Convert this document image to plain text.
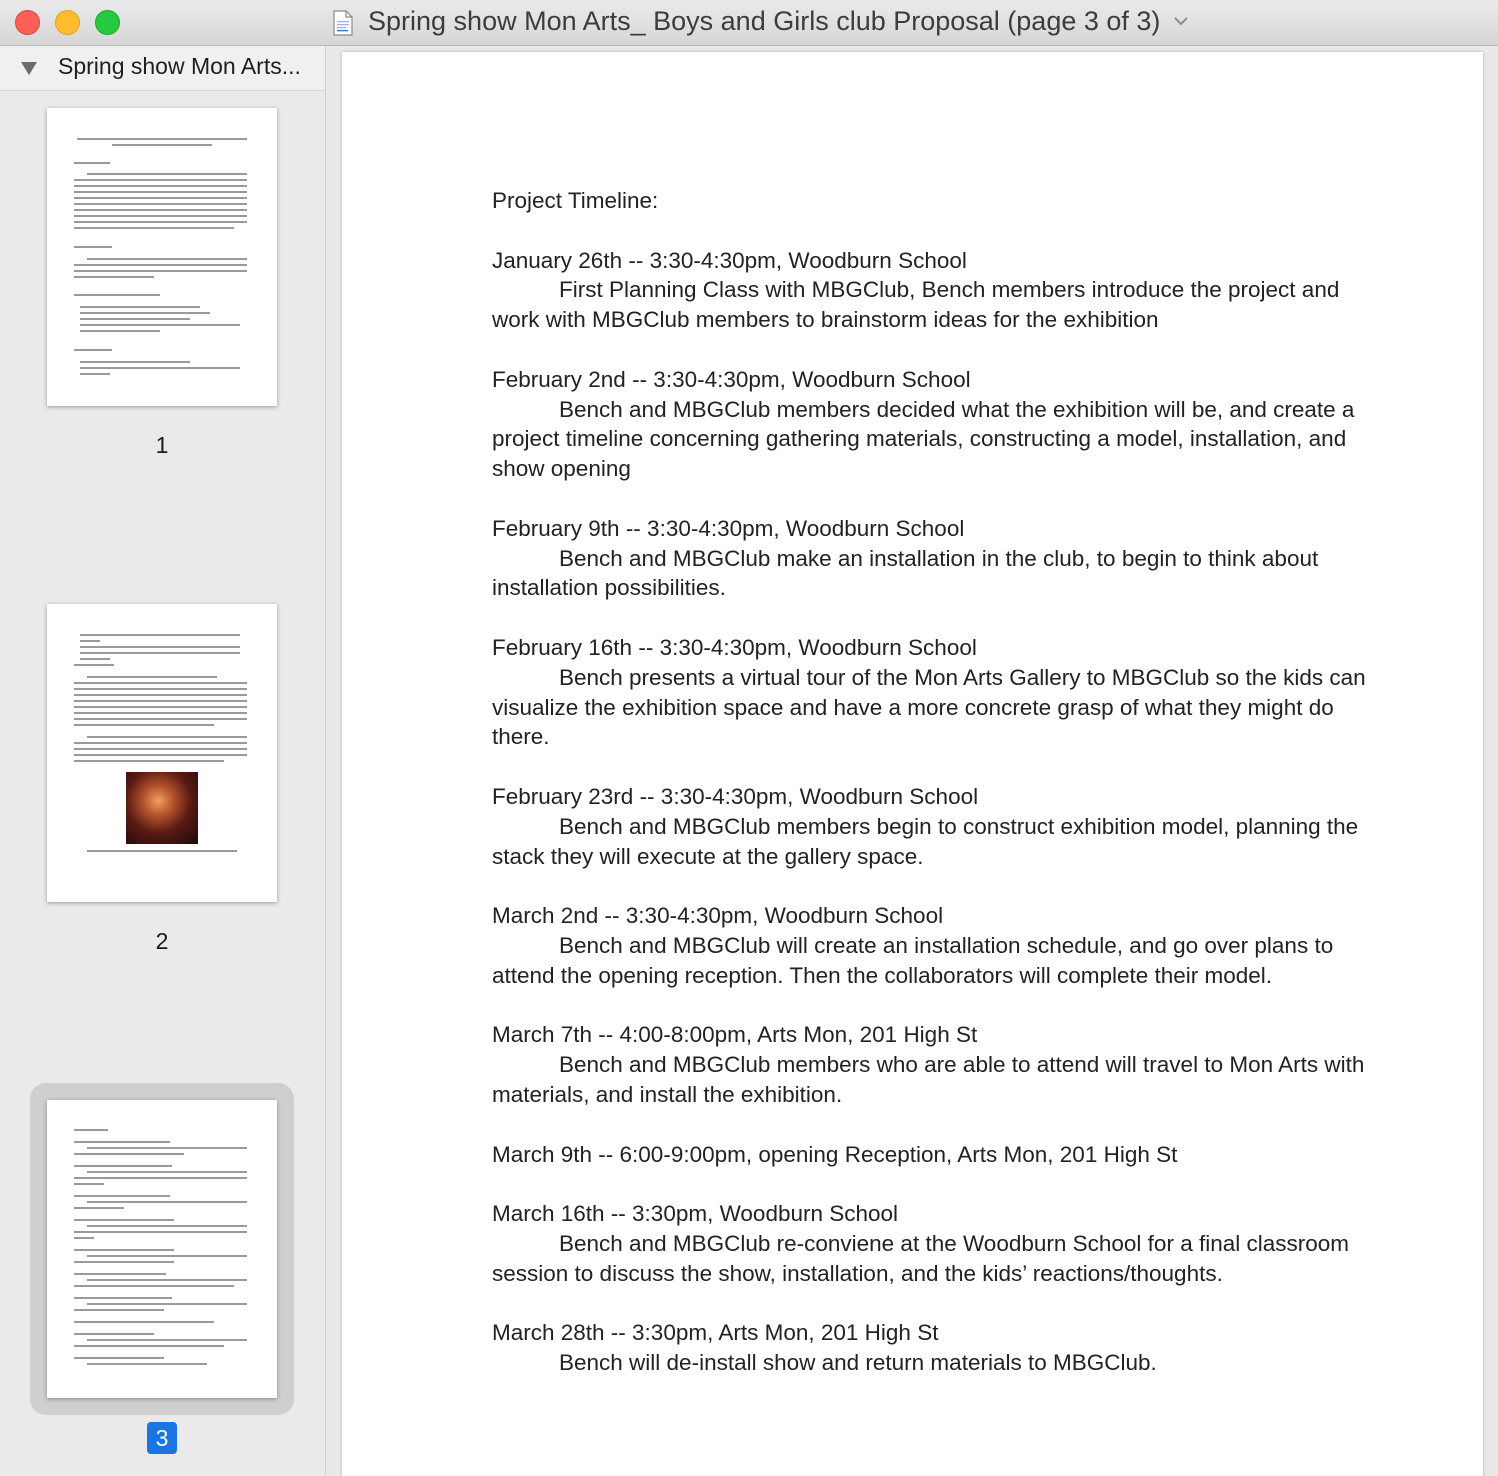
Spring show Mon Arts_ Boys and Girls club Proposal (page 3 of 3)
Spring show Mon Arts...
1
2
3
Project Timeline:
January 26th -- 3:30-4:30pm, Woodburn School
First Planning Class with MBGClub, Bench members introduce the project and work with MBGClub members to brainstorm ideas for the exhibition
February 2nd -- 3:30-4:30pm, Woodburn School
Bench and MBGClub members decided what the exhibition will be, and create a project timeline concerning gathering materials, constructing a model, installation, and show opening
February 9th -- 3:30-4:30pm, Woodburn School
Bench and MBGClub make an installation in the club, to begin to think about installation possibilities.
February 16th -- 3:30-4:30pm, Woodburn School
Bench presents a virtual tour of the Mon Arts Gallery to MBGClub so the kids can visualize the exhibition space and have a more concrete grasp of what they might do there.
February 23rd -- 3:30-4:30pm, Woodburn School
Bench and MBGClub members begin to construct exhibition model, planning the stack they will execute at the gallery space.
March 2nd -- 3:30-4:30pm, Woodburn School
Bench and MBGClub will create an installation schedule, and go over plans to attend the opening reception. Then the collaborators will complete their model.
March 7th -- 4:00-8:00pm, Arts Mon, 201 High St
Bench and MBGClub members who are able to attend will travel to Mon Arts with materials, and install the exhibition.
March 9th -- 6:00-9:00pm, opening Reception, Arts Mon, 201 High St
March 16th -- 3:30pm, Woodburn School
Bench and MBGClub re-conviene at the Woodburn School for a final classroom session to discuss the show, installation, and the kids’ reactions/thoughts.
March 28th -- 3:30pm, Arts Mon, 201 High St
Bench will de-install show and return materials to MBGClub.
